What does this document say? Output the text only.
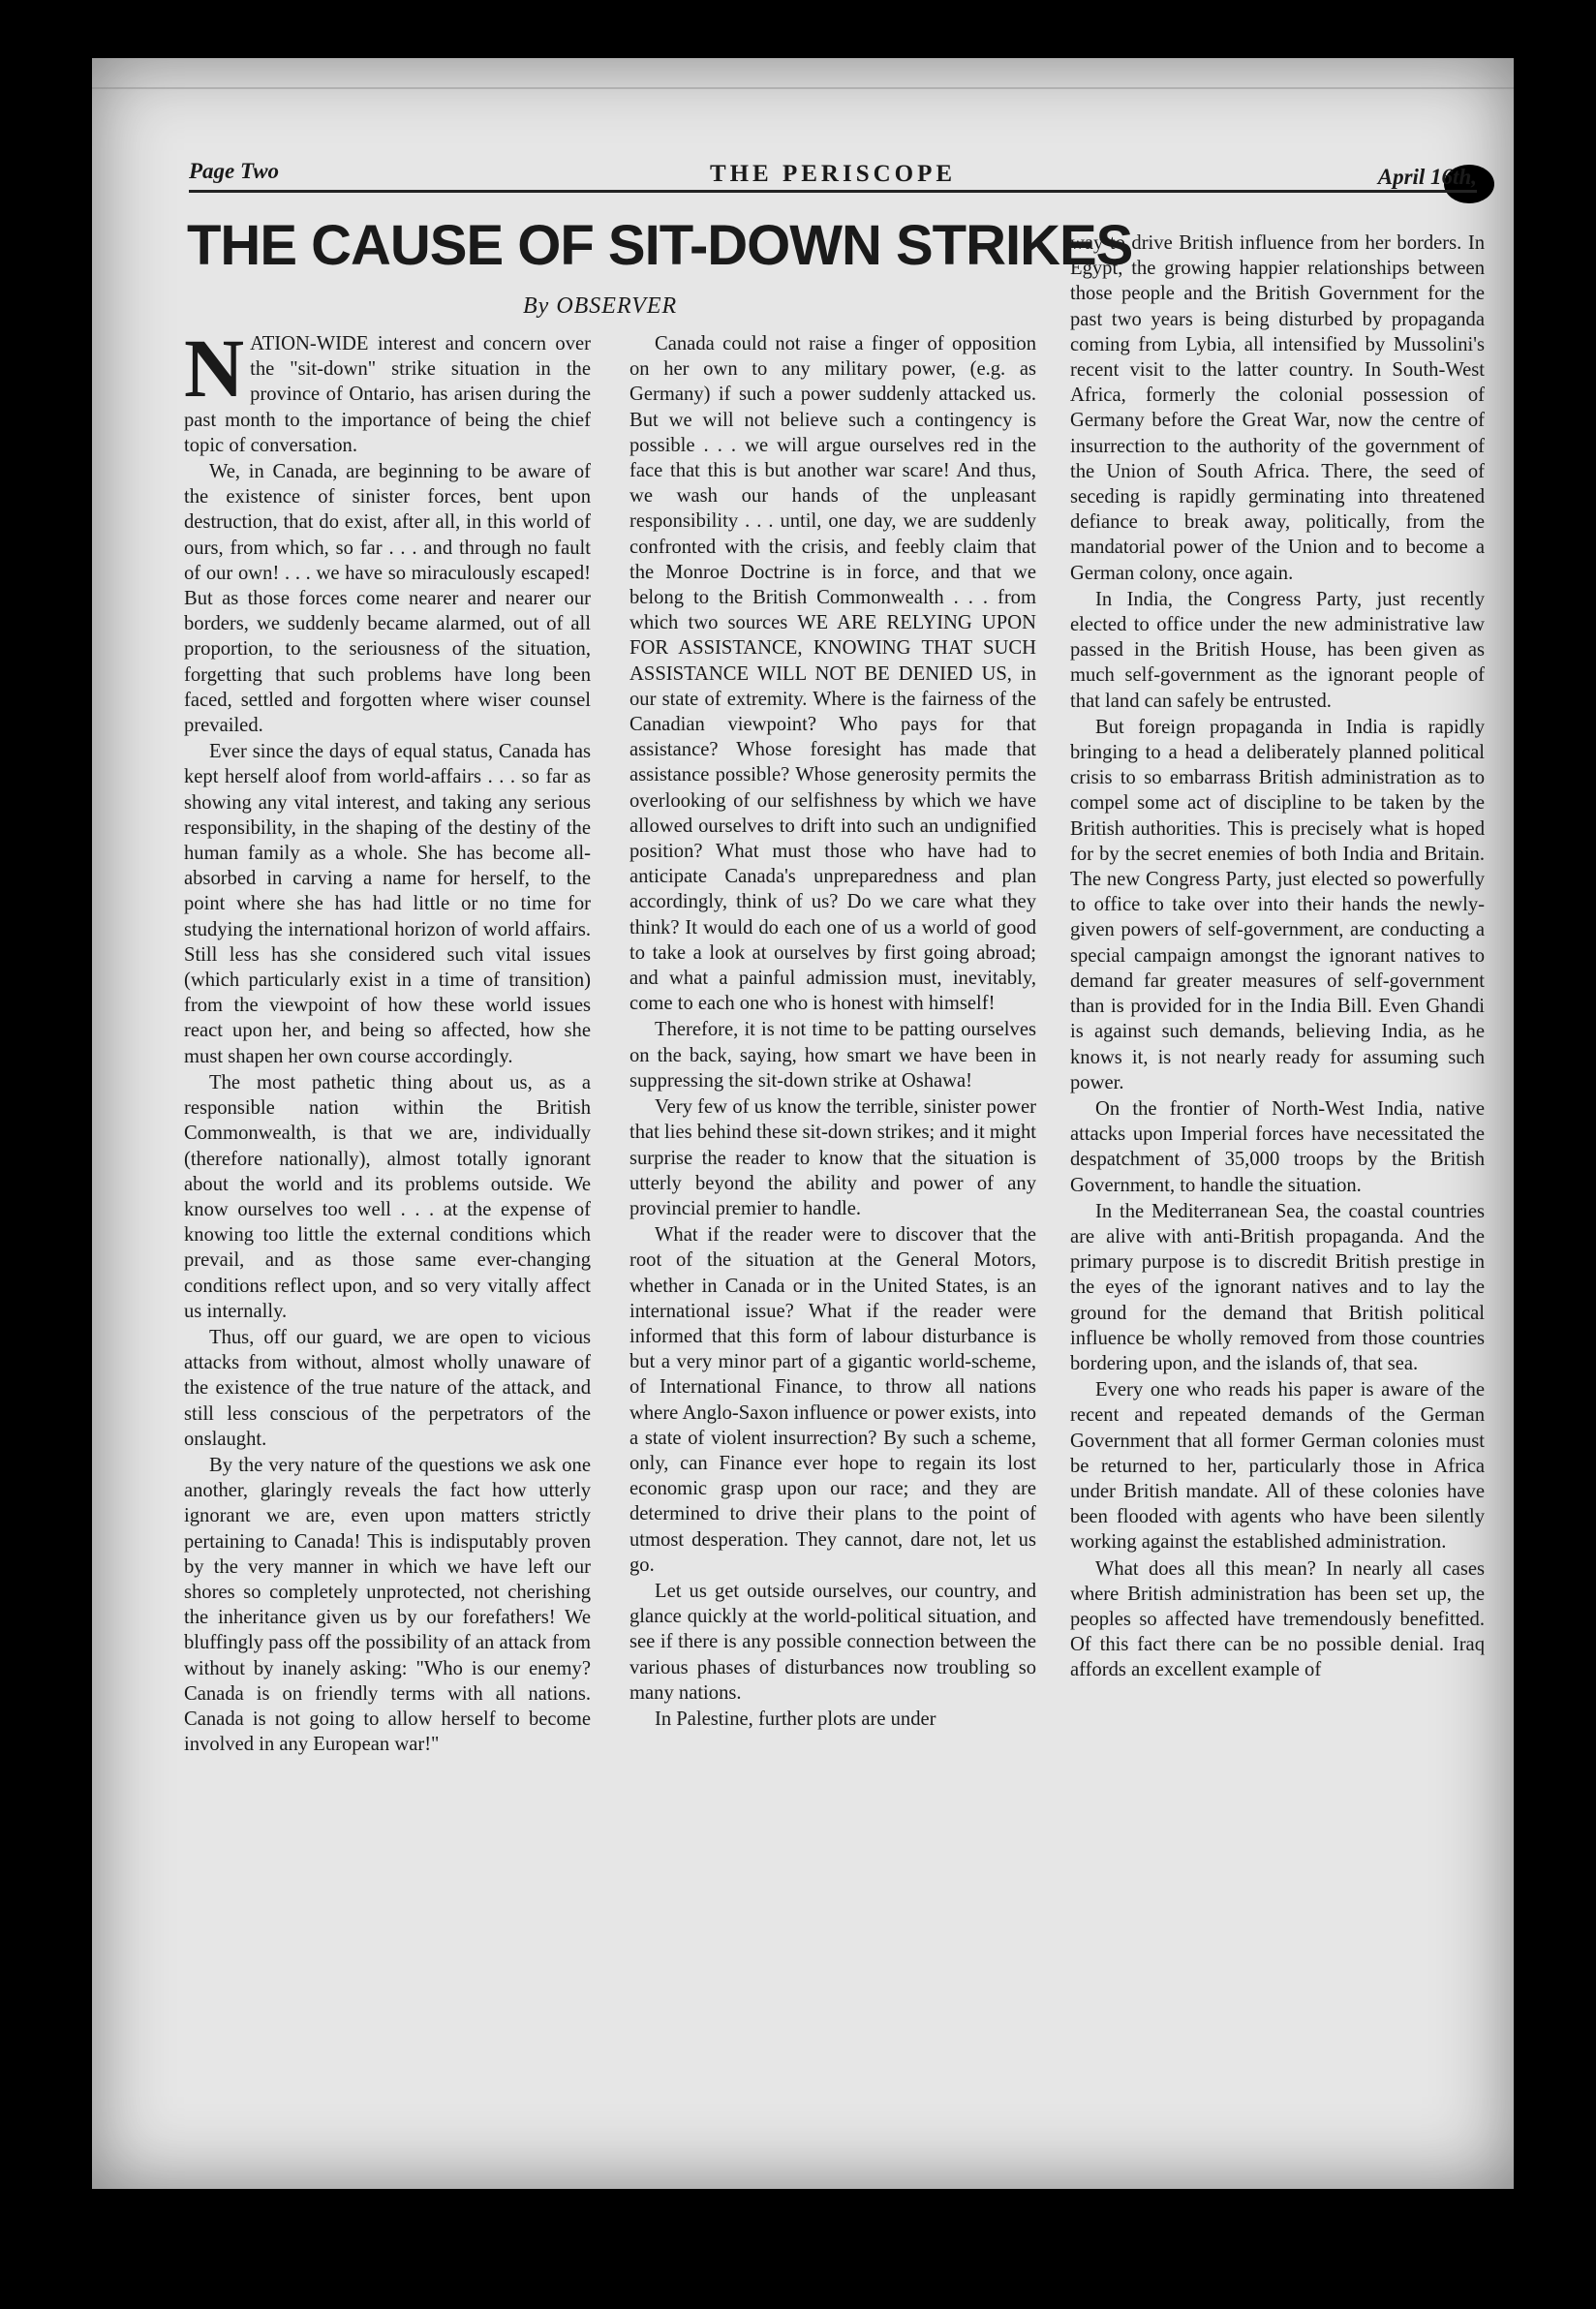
Page Two	THE PERISCOPE	April 16th,
THE CAUSE OF SIT-DOWN STRIKES
By OBSERVER
N ATION-WIDE interest and concern over the "sit-down" strike situation in the province of Ontario, has arisen during the past month to the importance of being the chief topic of conversation.

We, in Canada, are beginning to be aware of the existence of sinister forces, bent upon destruction, that do exist, after all, in this world of ours, from which, so far . . . and through no fault of our own! . . . we have so miraculously escaped! But as those forces come nearer and nearer our borders, we suddenly became alarmed, out of all proportion, to the seriousness of the situation, forgetting that such problems have long been faced, settled and forgotten where wiser counsel prevailed.

Ever since the days of equal status, Canada has kept herself aloof from world-affairs . . . so far as showing any vital interest, and taking any serious responsibility, in the shaping of the destiny of the human family as a whole. She has become all-absorbed in carving a name for herself, to the point where she has had little or no time for studying the international horizon of world affairs. Still less has she considered such vital issues (which particularly exist in a time of transition) from the viewpoint of how these world issues react upon her, and being so affected, how she must shapen her own course accordingly.

The most pathetic thing about us, as a responsible nation within the British Commonwealth, is that we are, individually (therefore nationally), almost totally ignorant about the world and its problems outside. We know ourselves too well . . . at the expense of knowing too little the external conditions which prevail, and as those same ever-changing conditions reflect upon, and so very vitally affect us internally.

Thus, off our guard, we are open to vicious attacks from without, almost wholly unaware of the existence of the true nature of the attack, and still less conscious of the perpetrators of the onslaught.

By the very nature of the questions we ask one another, glaringly reveals the fact how utterly ignorant we are, even upon matters strictly pertaining to Canada! This is indisputably proven by the very manner in which we have left our shores so completely unprotected, not cherishing the inheritance given us by our forefathers! We bluffingly pass off the possibility of an attack from without by inanely asking: "Who is our enemy? Canada is on friendly terms with all nations. Canada is not going to allow herself to become involved in any European war!"

Canada could not raise a finger of opposition on her own to any military power, (e.g. as Germany) if such a power suddenly attacked us. But we will not believe such a contingency is possible . . . we will argue ourselves red in the face that this is but another war scare! And thus, we wash our hands of the unpleasant responsibility . . . until, one day, we are suddenly confronted with the crisis, and feebly claim that the Monroe Doctrine is in force, and that we belong to the British Commonwealth . . . from which two sources WE ARE RELYING UPON FOR ASSISTANCE, KNOWING THAT SUCH ASSISTANCE WILL NOT BE DENIED US, in our state of extremity. Where is the fairness of the Canadian viewpoint? Who pays for that assistance? Whose foresight has made that assistance possible? Whose generosity permits the overlooking of our selfishness by which we have allowed ourselves to drift into such an undignified position? What must those who have had to anticipate Canada's unpreparedness and plan accordingly, think of us? Do we care what they think? It would do each one of us a world of good to take a look at ourselves by first going abroad; and what a painful admission must, inevitably, come to each one who is honest with himself!

Therefore, it is not time to be patting ourselves on the back, saying, how smart we have been in suppressing the sit-down strike at Oshawa!

Very few of us know the terrible, sinister power that lies behind these sit-down strikes; and it might surprise the reader to know that the situation is utterly beyond the ability and power of any provincial premier to handle.

What if the reader were to discover that the root of the situation at the General Motors, whether in Canada or in the United States, is an international issue? What if the reader were informed that this form of labour disturbance is but a very minor part of a gigantic world-scheme, of International Finance, to throw all nations where Anglo-Saxon influence or power exists, into a state of violent insurrection? By such a scheme, only, can Finance ever hope to regain its lost economic grasp upon our race; and they are determined to drive their plans to the point of utmost desperation. They cannot, dare not, let us go.

Let us get outside ourselves, our country, and glance quickly at the world-political situation, and see if there is any possible connection between the various phases of disturbances now troubling so many nations.

In Palestine, further plots are under

way to drive British influence from her borders. In Egypt, the growing happier relationships between those people and the British Government for the past two years is being disturbed by propaganda coming from Lybia, all intensified by Mussolini's recent visit to the latter country. In South-West Africa, formerly the colonial possession of Germany before the Great War, now the centre of insurrection to the authority of the government of the Union of South Africa. There, the seed of seceding is rapidly germinating into threatened defiance to break away, politically, from the mandatorial power of the Union and to become a German colony, once again.

In India, the Congress Party, just recently elected to office under the new administrative law passed in the British House, has been given as much self-government as the ignorant people of that land can safely be entrusted.

But foreign propaganda in India is rapidly bringing to a head a deliberately planned political crisis to so embarrass British administration as to compel some act of discipline to be taken by the British authorities. This is precisely what is hoped for by the secret enemies of both India and Britain. The new Congress Party, just elected so powerfully to office to take over into their hands the newly-given powers of self-government, are conducting a special campaign amongst the ignorant natives to demand far greater measures of self-government than is provided for in the India Bill. Even Ghandi is against such demands, believing India, as he knows it, is not nearly ready for assuming such power.

On the frontier of North-West India, native attacks upon Imperial forces have necessitated the despatchment of 35,000 troops by the British Government, to handle the situation.

In the Mediterranean Sea, the coastal countries are alive with anti-British propaganda. And the primary purpose is to discredit British prestige in the eyes of the ignorant natives and to lay the ground for the demand that British political influence be wholly removed from those countries bordering upon, and the islands of, that sea.

Every one who reads his paper is aware of the recent and repeated demands of the German Government that all former German colonies must be returned to her, particularly those in Africa under British mandate. All of these colonies have been flooded with agents who have been silently working against the established administration.

What does all this mean? In nearly all cases where British administration has been set up, the peoples so affected have tremendously benefitted. Of this fact there can be no possible denial. Iraq affords an excellent example of
